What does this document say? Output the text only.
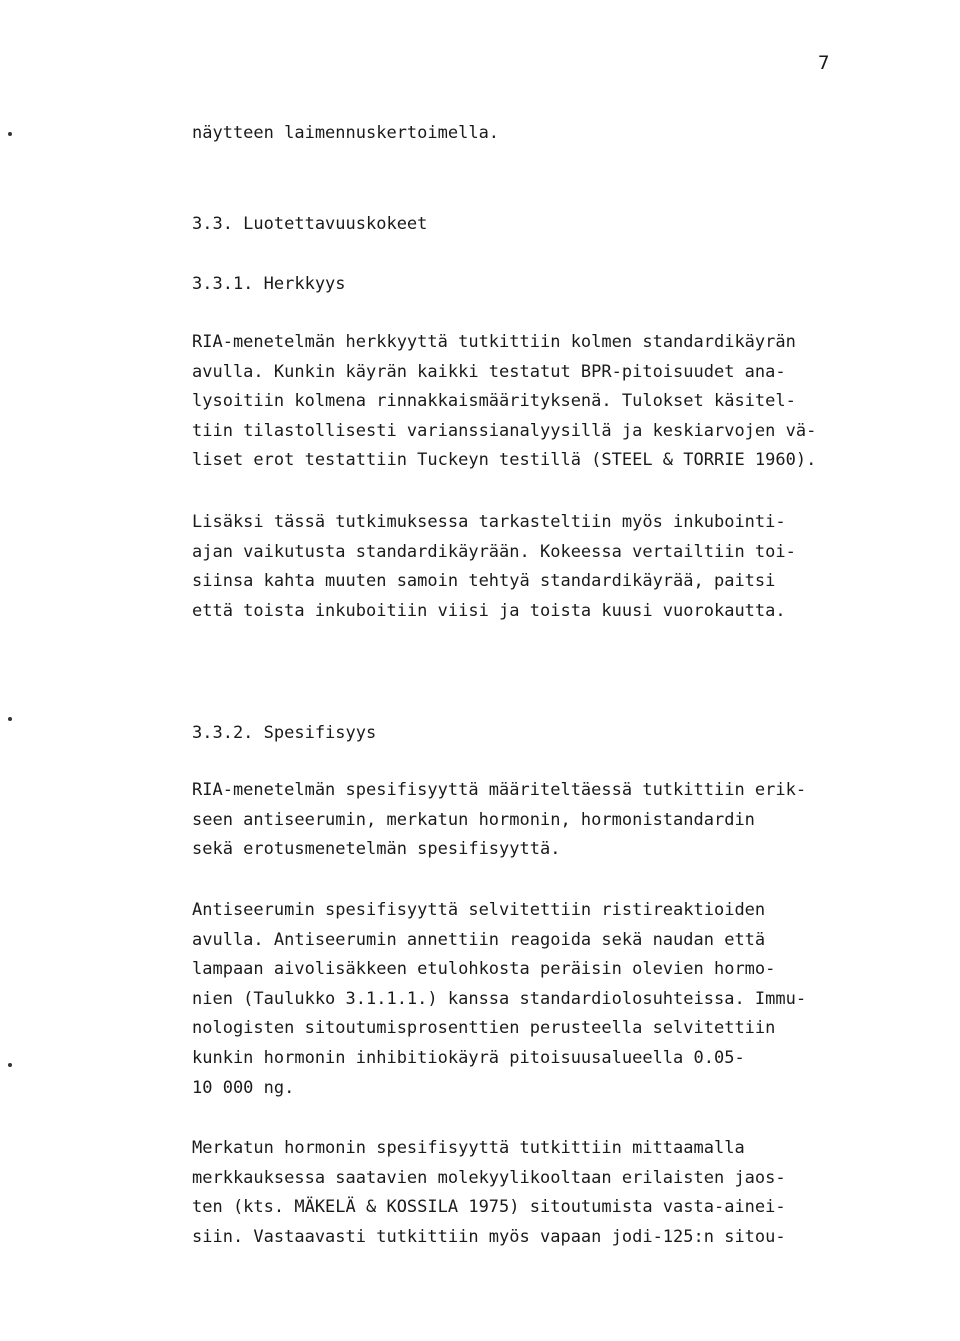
7
näytteen laimennuskertoimella.
3.3. Luotettavuuskokeet
3.3.1. Herkkyys
RIA-menetelmän herkkyyttä tutkittiin kolmen standardikäyrän
avulla. Kunkin käyrän kaikki testatut BPR-pitoisuudet ana-
lysoitiin kolmena rinnakkaismäärityksenä. Tulokset käsitel-
tiin tilastollisesti varianssianalyysillä ja keskiarvojen vä-
liset erot testattiin Tuckeyn testillä (STEEL & TORRIE 1960).
Lisäksi tässä tutkimuksessa tarkasteltiin myös inkubointi-
ajan vaikutusta standardikäyrään. Kokeessa vertailtiin toi-
siinsa kahta muuten samoin tehtyä standardikäyrää, paitsi
että toista inkuboitiin viisi ja toista kuusi vuorokautta.
3.3.2. Spesifisyys
RIA-menetelmän spesifisyyttä määriteltäessä tutkittiin erik-
seen antiseerumin, merkatun hormonin, hormonistandardin
sekä erotusmenetelmän spesifisyyttä.
Antiseerumin spesifisyyttä selvitettiin ristireaktioiden
avulla. Antiseerumin annettiin reagoida sekä naudan että
lampaan aivolisäkkeen etulohkosta peräisin olevien hormo-
nien (Taulukko 3.1.1.1.) kanssa standardiolosuhteissa. Immu-
nologisten sitoutumisprosenttien perusteella selvitettiin
kunkin hormonin inhibitiokäyrä pitoisuusalueella 0.05-
10 000 ng.
Merkatun hormonin spesifisyyttä tutkittiin mittaamalla
merkkauksessa saatavien molekyylikooltaan erilaisten jaos-
ten (kts. MÄKELÄ & KOSSILA 1975) sitoutumista vasta-ainei-
siin. Vastaavasti tutkittiin myös vapaan jodi-125:n sitou-
